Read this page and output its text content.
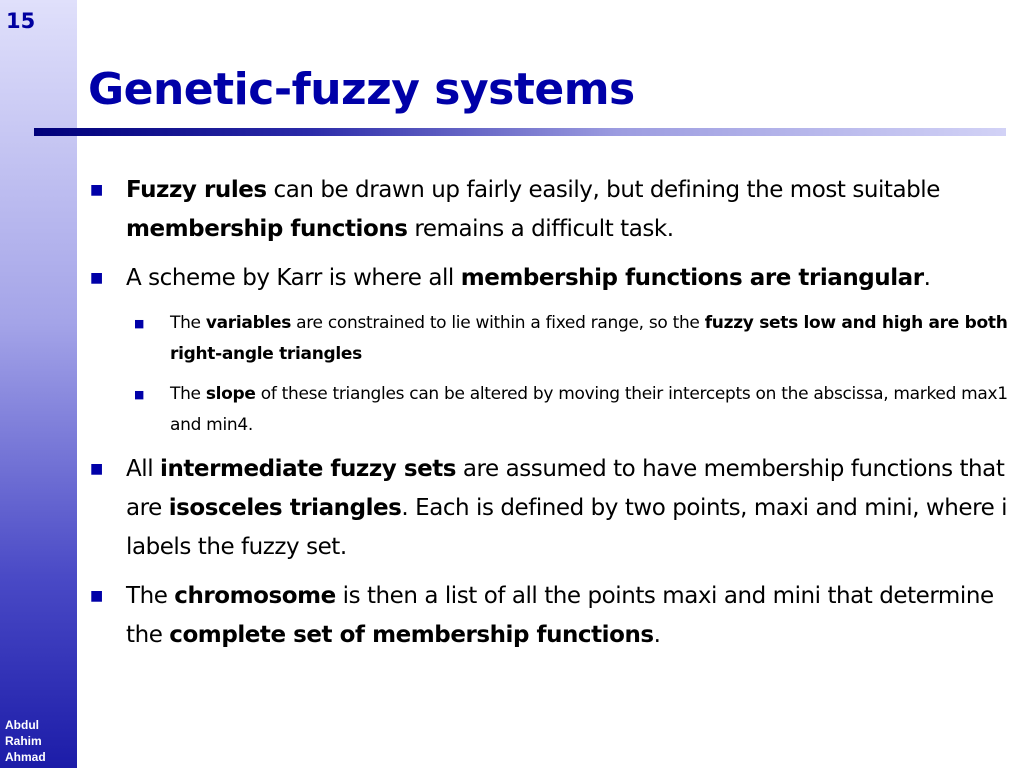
15
Abdul
Rahim
Ahmad
Genetic-fuzzy systems
■ Fuzzy rules can be drawn up fairly easily, but defining the most suitable membership functions remains a difficult task.
■ A scheme by Karr is where all membership functions are triangular.
■ The variables are constrained to lie within a fixed range, so the fuzzy sets low and high are both right-angle triangles
■ The slope of these triangles can be altered by moving their intercepts on the abscissa, marked max1 and min4.
■ All intermediate fuzzy sets are assumed to have membership functions that are isosceles triangles. Each is defined by two points, maxi and mini, where i labels the fuzzy set.
■ The chromosome is then a list of all the points maxi and mini that determine the complete set of membership functions.
